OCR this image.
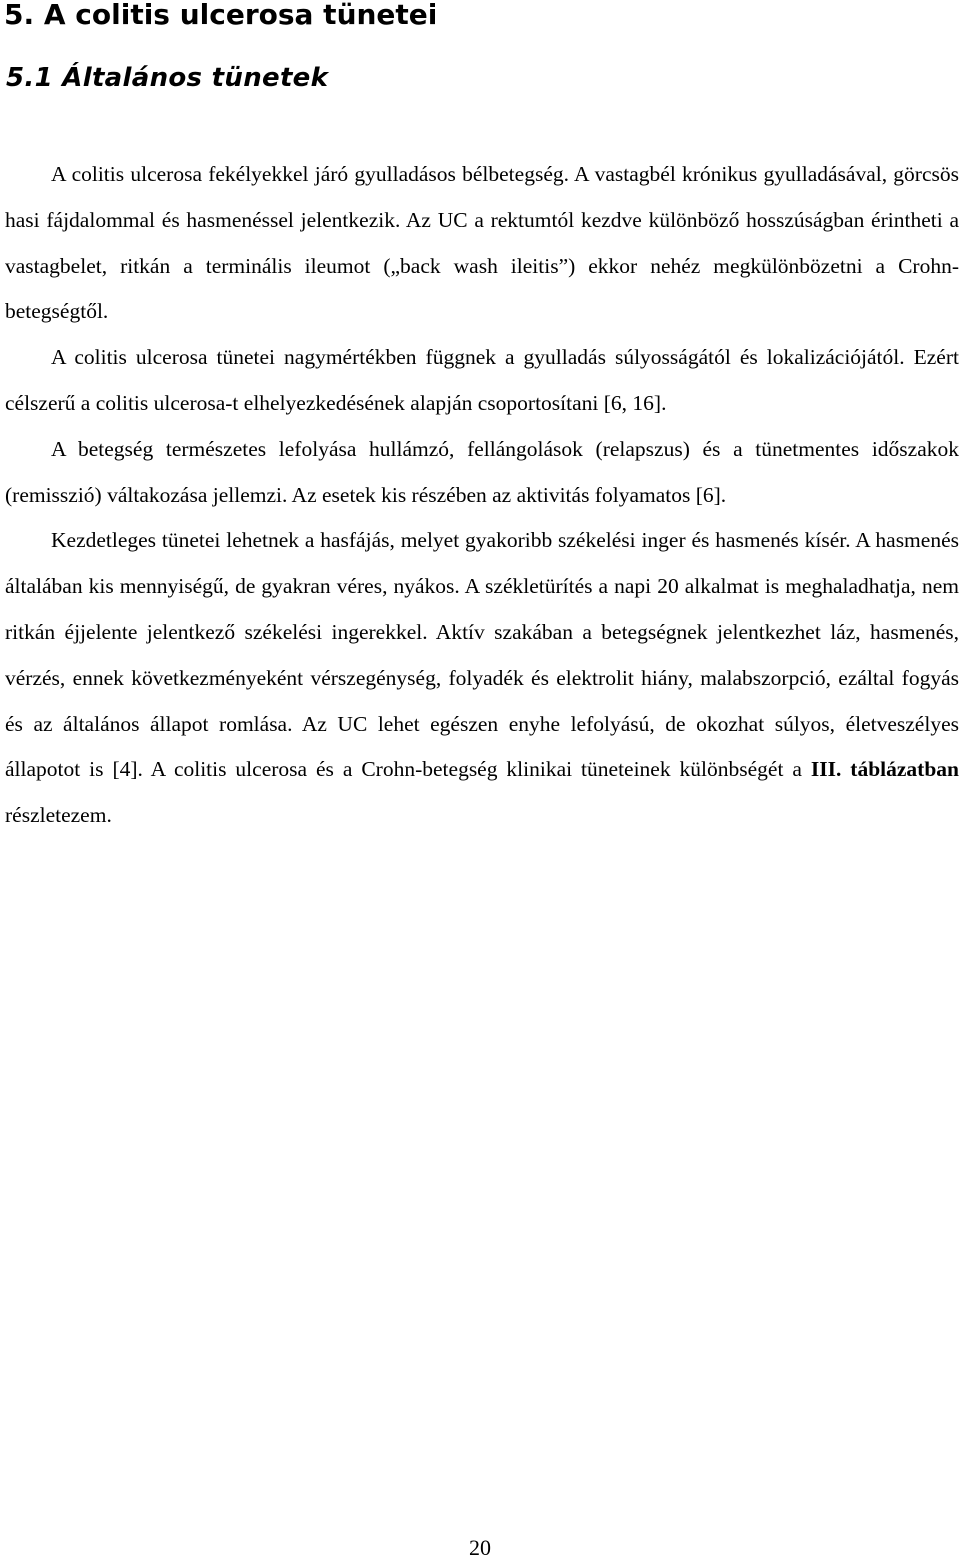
5. A colitis ulcerosa tünetei
5.1 Általános tünetek

A colitis ulcerosa fekélyekkel járó gyulladásos bélbetegség. A vastagbél krónikus gyulladásával, görcsös hasi fájdalommal és hasmenéssel jelentkezik. Az UC a rektumtól kezdve különböző hosszúságban érintheti a vastagbelet, ritkán a terminális ileumot („back wash ileitis”) ekkor nehéz megkülönbözetni a Crohn-betegségtől.

A colitis ulcerosa tünetei nagymértékben függnek a gyulladás súlyosságától és lokalizációjától. Ezért célszerű a colitis ulcerosa-t elhelyezkedésének alapján csoportosítani [6, 16].

A betegség természetes lefolyása hullámzó, fellángolások (relapszus) és a tünetmentes időszakok (remisszió) váltakozása jellemzi. Az esetek kis részében az aktivitás folyamatos [6].

Kezdetleges tünetei lehetnek a hasfájás, melyet gyakoribb székelési inger és hasmenés kísér. A hasmenés általában kis mennyiségű, de gyakran véres, nyákos. A székletürítés a napi 20 alkalmat is meghaladhatja, nem ritkán éjjelente jelentkező székelési ingerekkel. Aktív szakában a betegségnek jelentkezhet láz, hasmenés, vérzés, ennek következményeként vérszegénység, folyadék és elektrolit hiány, malabszorpció, ezáltal fogyás és az általános állapot romlása. Az UC lehet egészen enyhe lefolyású, de okozhat súlyos, életveszélyes állapotot is [4]. A colitis ulcerosa és a Crohn-betegség klinikai tüneteinek különbségét a III. táblázatban részletezem.

20
